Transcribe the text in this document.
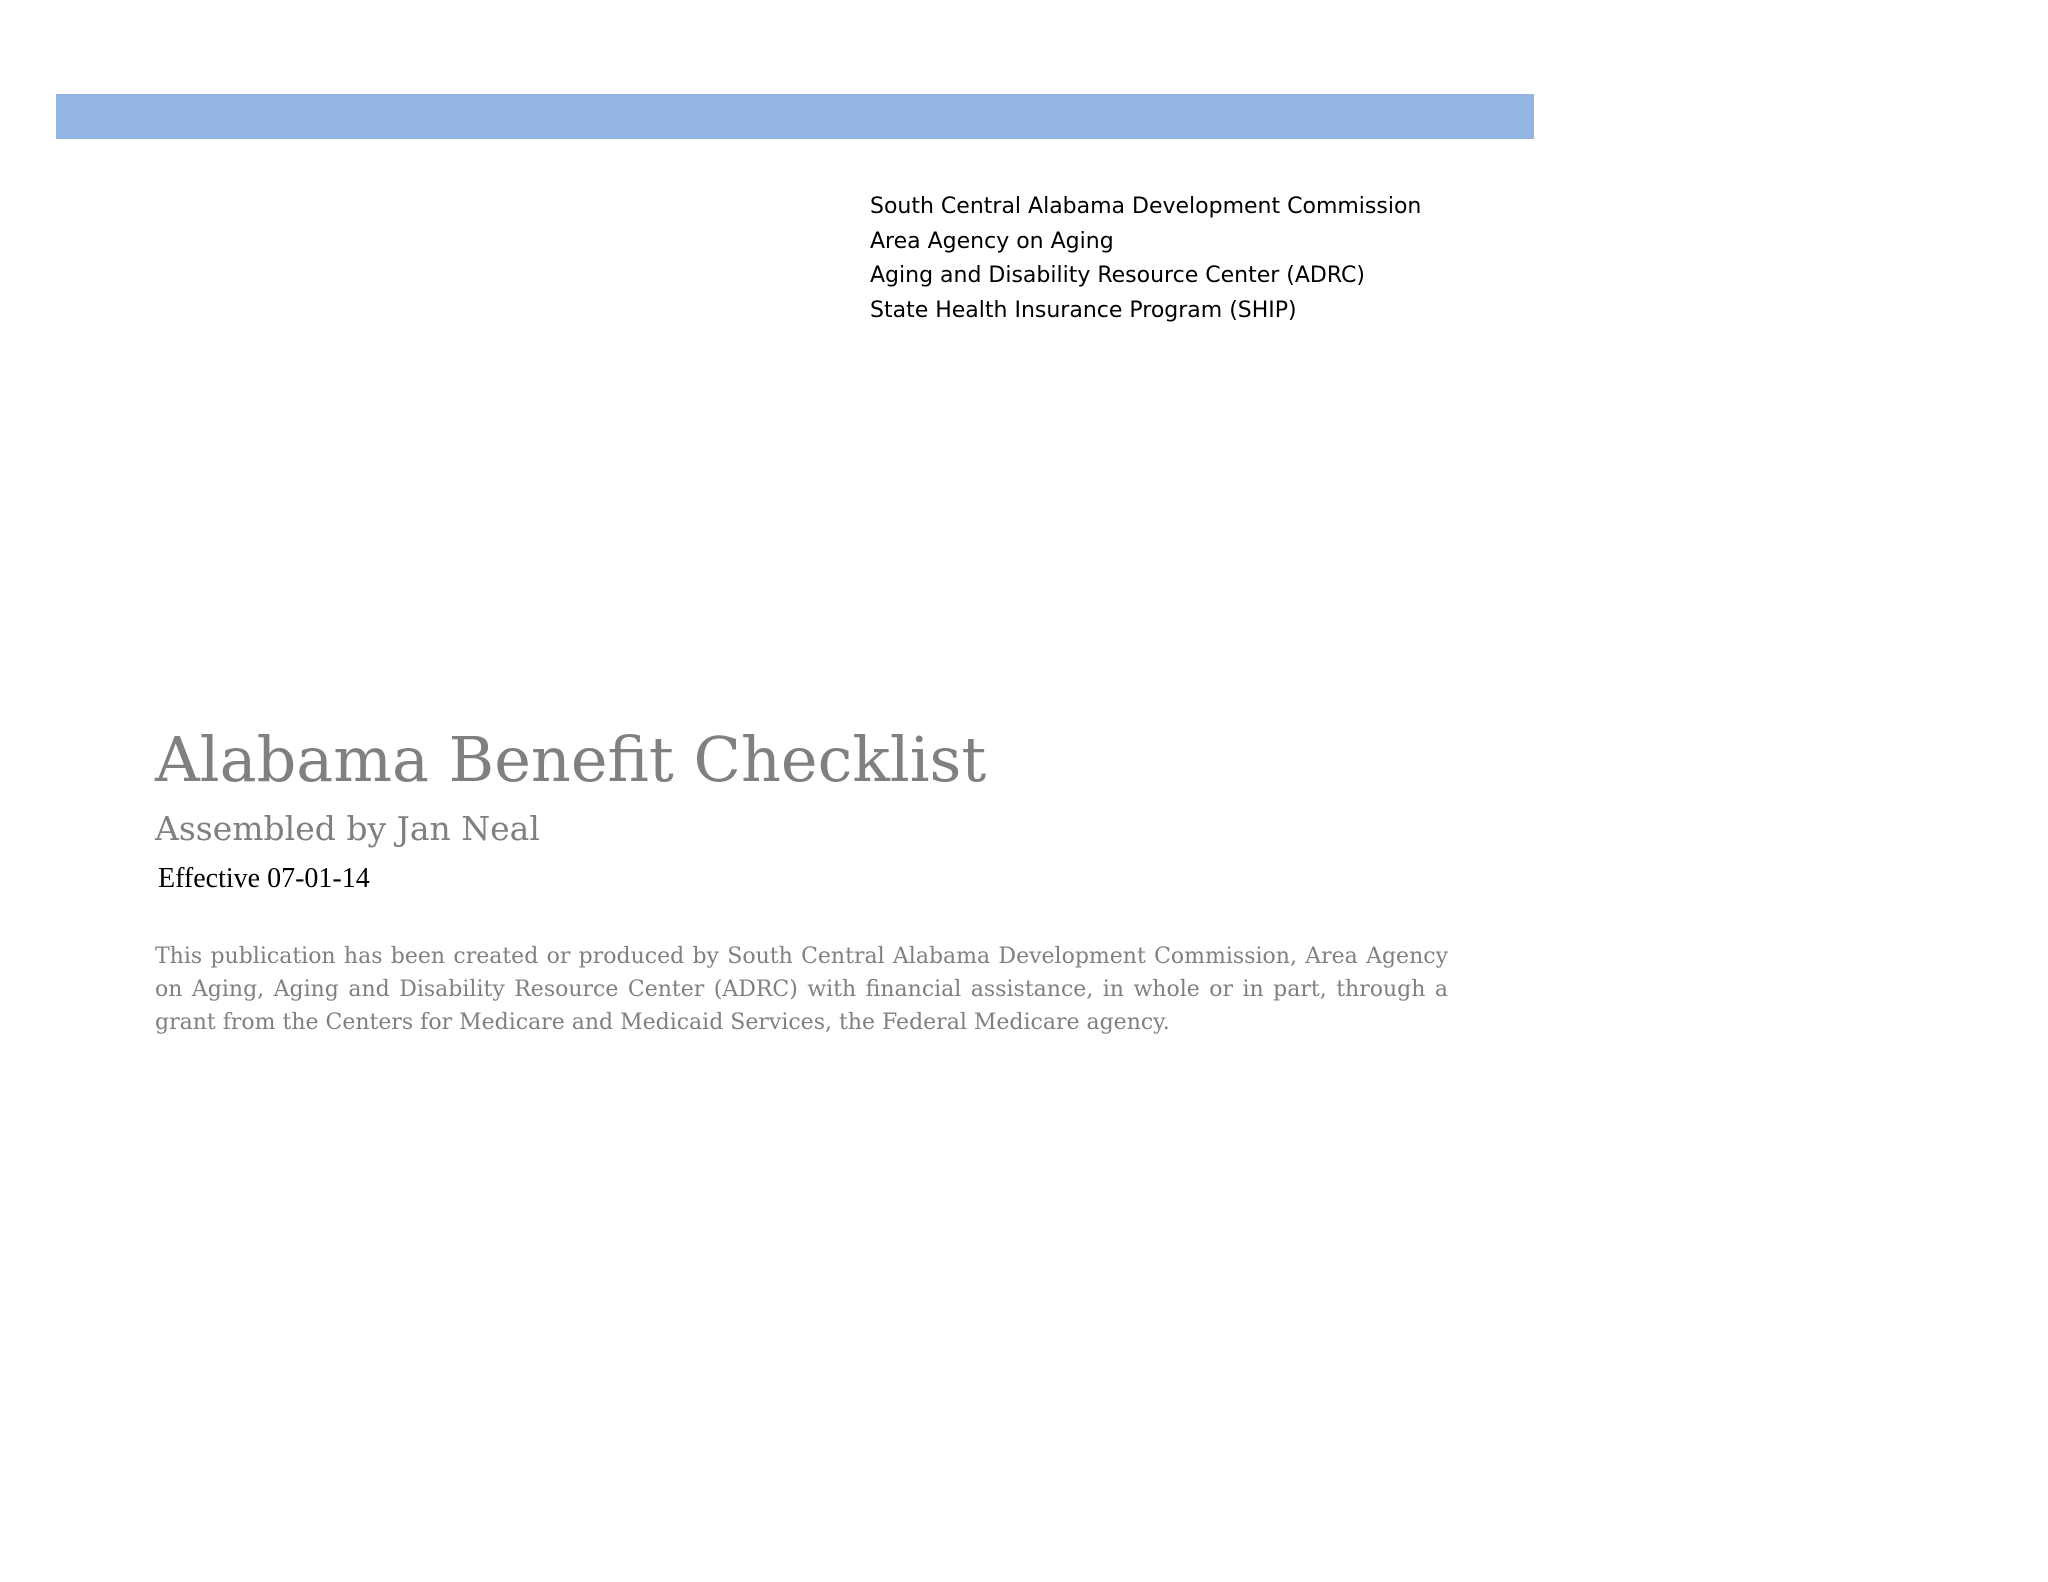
South Central Alabama Development Commission
Area Agency on Aging
Aging and Disability Resource Center (ADRC)
State Health Insurance Program (SHIP)
Alabama Benefit Checklist
Assembled by Jan Neal
Effective 07-01-14

This publication has been created or produced by South Central Alabama Development Commission, Area Agency on Aging, Aging and Disability Resource Center (ADRC) with financial assistance, in whole or in part, through a grant from the Centers for Medicare and Medicaid Services, the Federal Medicare agency.
